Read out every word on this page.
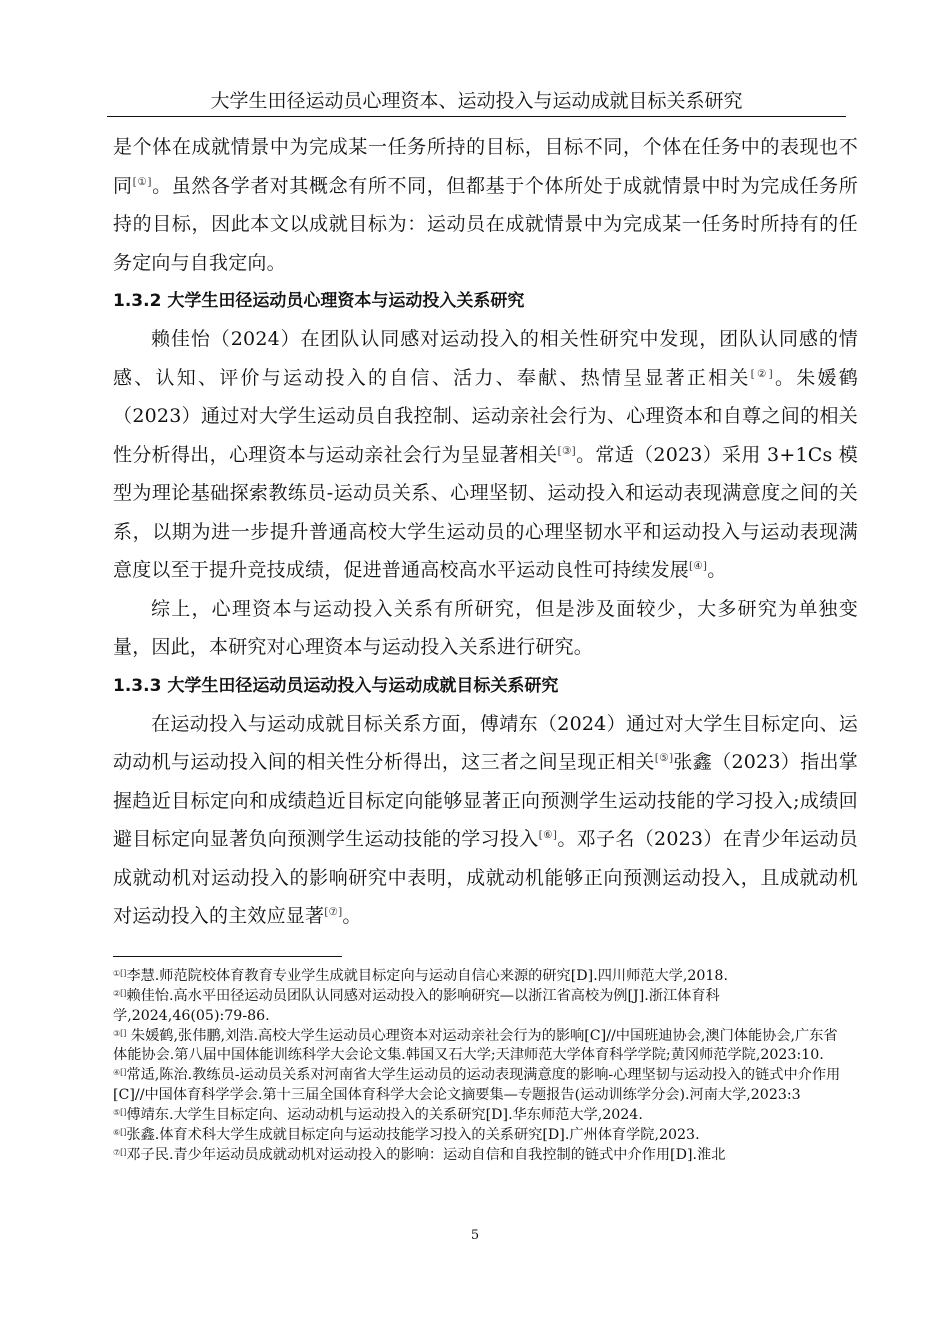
大学生田径运动员心理资本、运动投入与运动成就目标关系研究

是个体在成就情景中为完成某一任务所持的目标，目标不同，个体在任务中的表现也不同[①]。虽然各学者对其概念有所不同，但都基于个体所处于成就情景中时为完成任务所持的目标，因此本文以成就目标为：运动员在成就情景中为完成某一任务时所持有的任务定向与自我定向。

1.3.2 大学生田径运动员心理资本与运动投入关系研究

赖佳怡（2024）在团队认同感对运动投入的相关性研究中发现，团队认同感的情感、认知、评价与运动投入的自信、活力、奉献、热情呈显著正相关[②]。朱媛鹤（2023）通过对大学生运动员自我控制、运动亲社会行为、心理资本和自尊之间的相关性分析得出，心理资本与运动亲社会行为呈显著相关[③]。常适（2023）采用 3+1Cs 模型为理论基础探索教练员-运动员关系、心理坚韧、运动投入和运动表现满意度之间的关系，以期为进一步提升普通高校大学生运动员的心理坚韧水平和运动投入与运动表现满意度以至于提升竞技成绩，促进普通高校高水平运动良性可持续发展[④]。

综上，心理资本与运动投入关系有所研究，但是涉及面较少，大多研究为单独变量，因此，本研究对心理资本与运动投入关系进行研究。

1.3.3 大学生田径运动员运动投入与运动成就目标关系研究

在运动投入与运动成就目标关系方面，傅靖东（2024）通过对大学生目标定向、运动动机与运动投入间的相关性分析得出，这三者之间呈现正相关[⑤]张鑫（2023）指出掌握趋近目标定向和成绩趋近目标定向能够显著正向预测学生运动技能的学习投入;成绩回避目标定向显著负向预测学生运动技能的学习投入[⑥]。邓子名（2023）在青少年运动员成就动机对运动投入的影响研究中表明，成就动机能够正向预测运动投入，且成就动机对运动投入的主效应显著[⑦]。

①[]李慧.师范院校体育教育专业学生成就目标定向与运动自信心来源的研究[D].四川师范大学,2018.

②[]赖佳怡.高水平田径运动员团队认同感对运动投入的影响研究—以浙江省高校为例[J].浙江体育科学,2024,46(05):79-86.

③[] 朱媛鹤,张伟鹏,刘浩.高校大学生运动员心理资本对运动亲社会行为的影响[C]//中国班迪协会,澳门体能协会,广东省体能协会.第八届中国体能训练科学大会论文集.韩国又石大学;天津师范大学体育科学学院;黄冈师范学院,2023:10.

④[]常适,陈治.教练员-运动员关系对河南省大学生运动员的运动表现满意度的影响-心理坚韧与运动投入的链式中介作用[C]//中国体育科学学会.第十三届全国体育科学大会论文摘要集—专题报告(运动训练学分会).河南大学,2023:3

⑤[]傅靖东.大学生目标定向、运动动机与运动投入的关系研究[D].华东师范大学,2024.

⑥[]张鑫.体育术科大学生成就目标定向与运动技能学习投入的关系研究[D].广州体育学院,2023.

⑦[]邓子民.青少年运动员成就动机对运动投入的影响：运动自信和自我控制的链式中介作用[D].淮北

5
